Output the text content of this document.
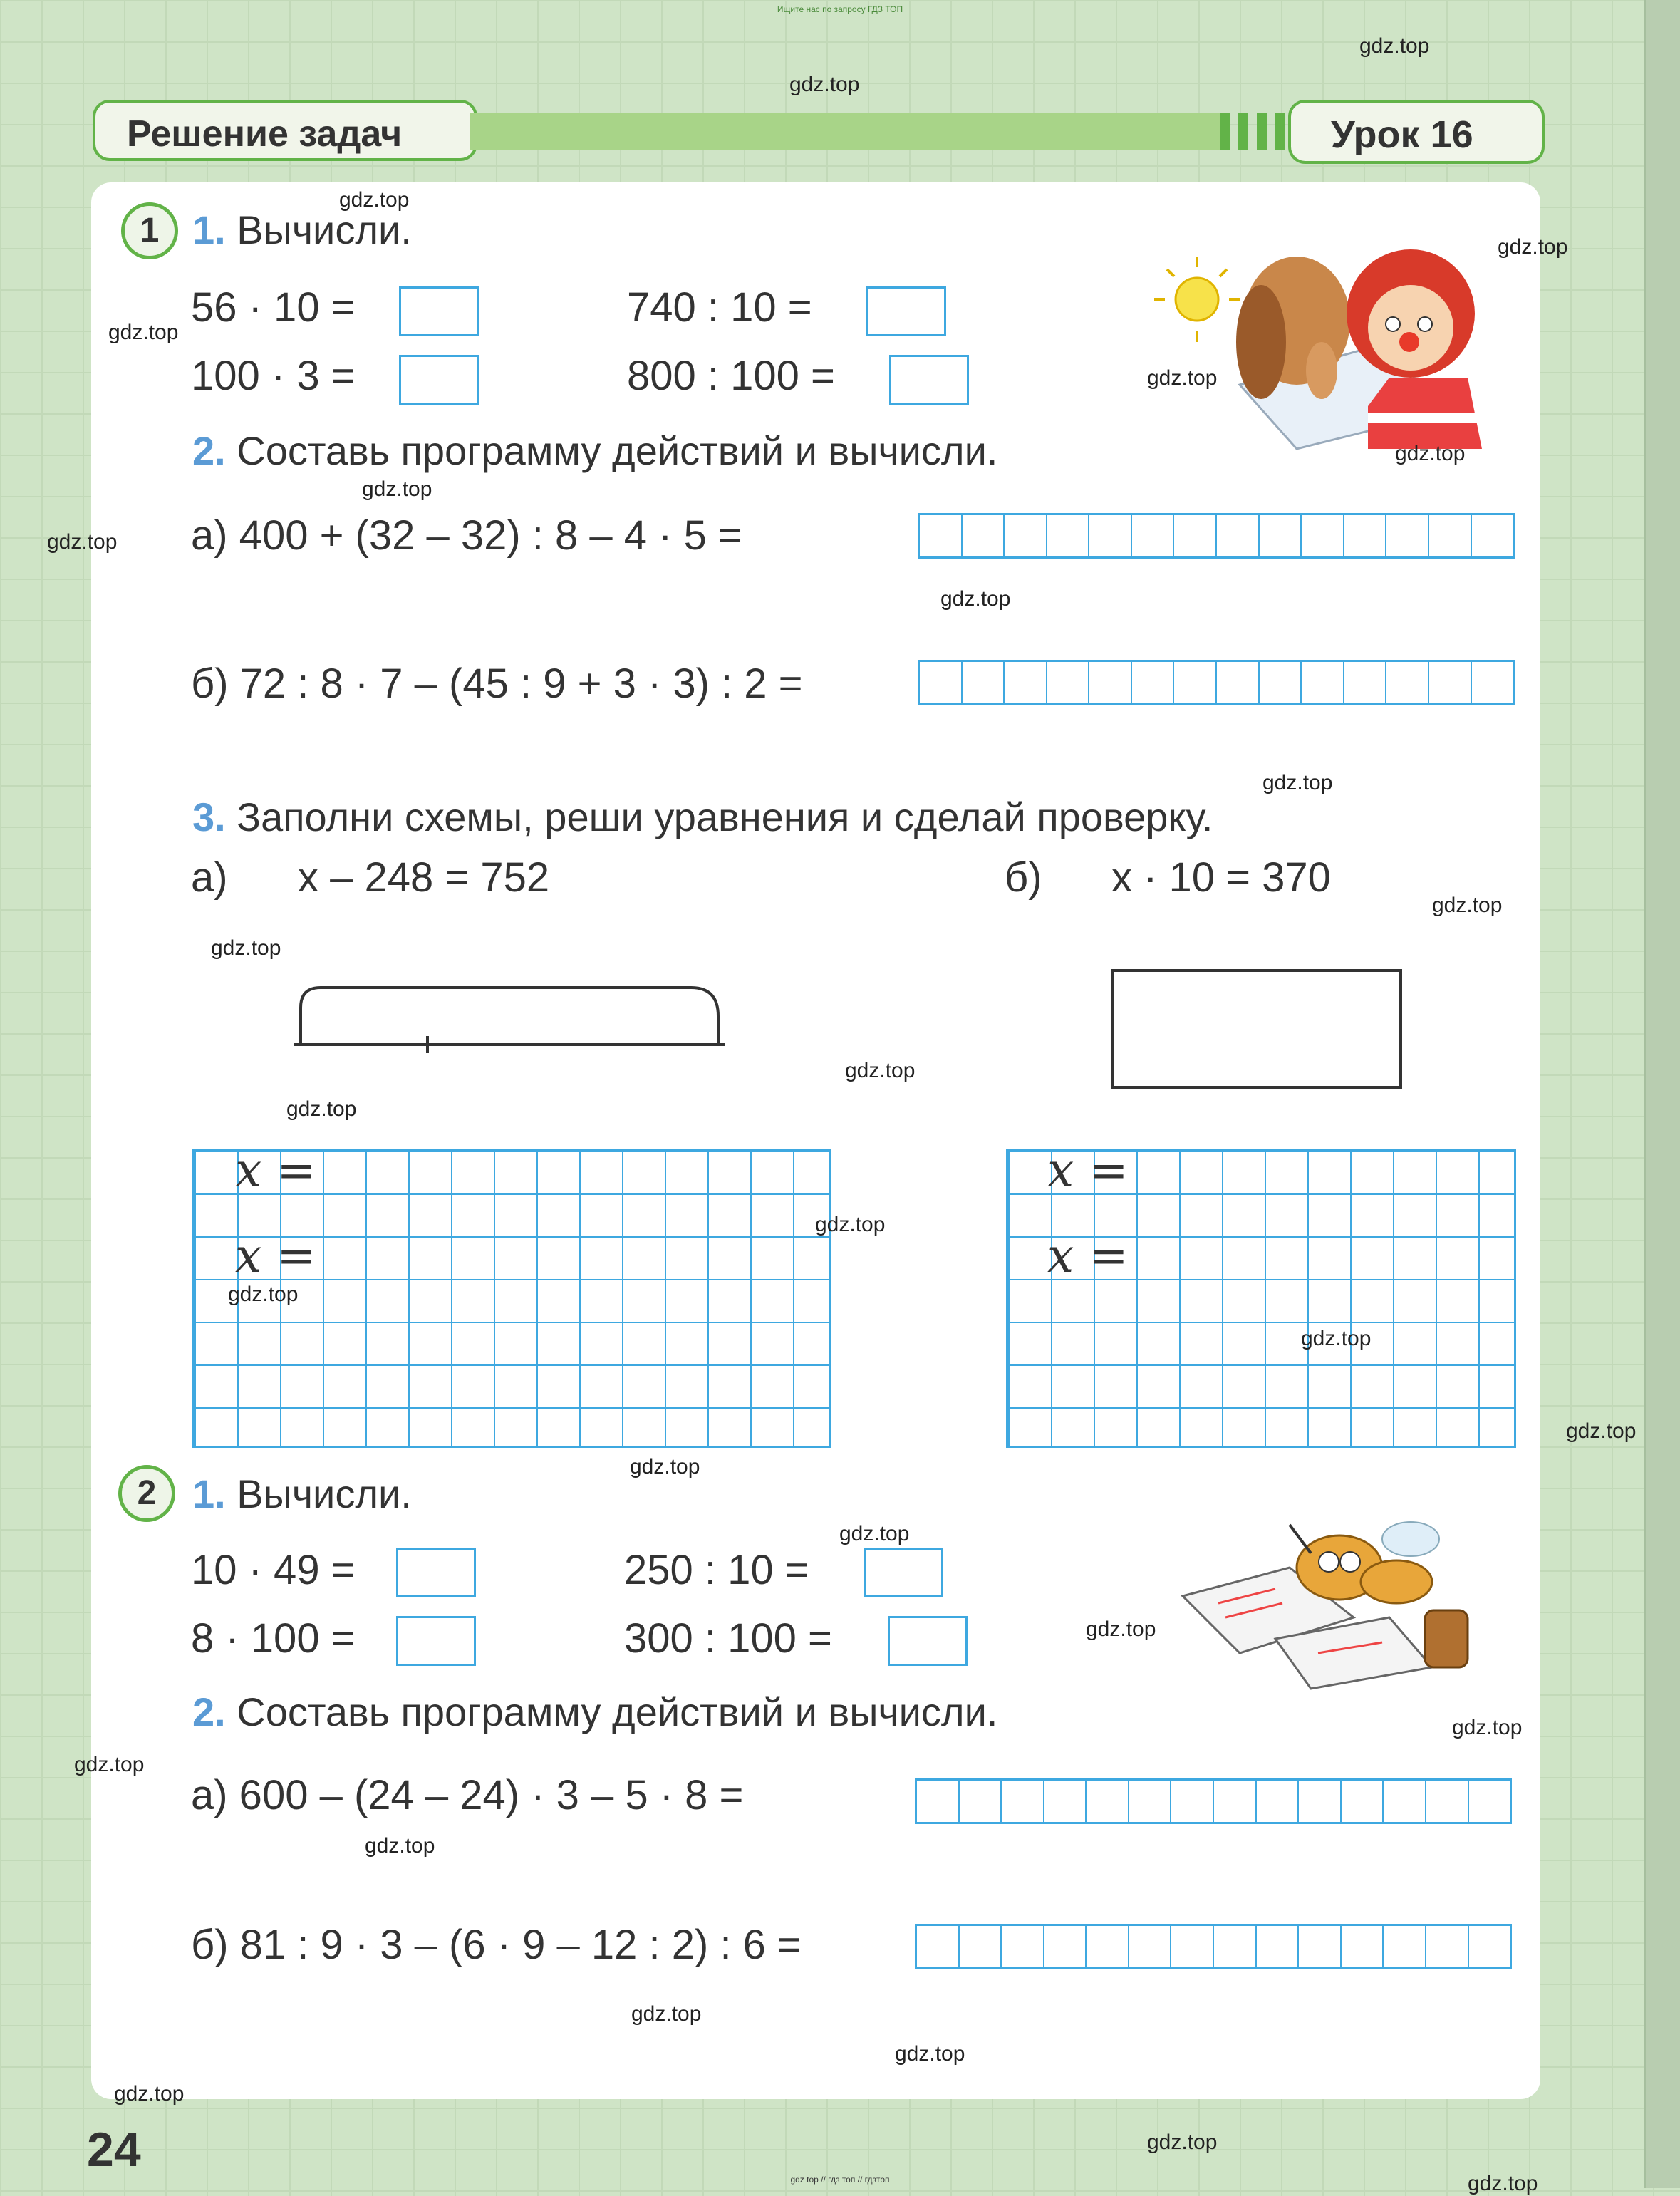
Ищите нас по запросу ГДЗ ТОП
Решение задач	Урок 16
1 1. Вычисли.
56 · 10 =	740 : 10 =
100 · 3 =	800 : 100 =
2. Составь программу действий и вычисли.
а) 400 + (32 – 32) : 8 – 4 · 5 =
б) 72 : 8 · 7 – (45 : 9 + 3 · 3) : 2 =
3. Заполни схемы, реши уравнения и сделай проверку.
а) x – 248 = 752	б) x · 10 = 370
x =
x =
x =
x =
2 1. Вычисли.
10 · 49 =	250 : 10 =
8 · 100 =	300 : 100 =
2. Составь программу действий и вычисли.
а) 600 – (24 – 24) · 3 – 5 · 8 =
б) 81 : 9 · 3 – (6 · 9 – 12 : 2) : 6 =
24
gdz.top
gdz.top
gdz.top
gdz.top
gdz.top
gdz.top
gdz.top
gdz.top
gdz.top
gdz.top
gdz.top
gdz.top
gdz.top
gdz.top
gdz.top
gdz.top
gdz.top
gdz.top
gdz.top
gdz.top
gdz.top
gdz.top
gdz.top
gdz.top
gdz.top
gdz.top
gdz.top
gdz.top
gdz.top
gdz.top
gdz top // гдз топ // гдзтоп
